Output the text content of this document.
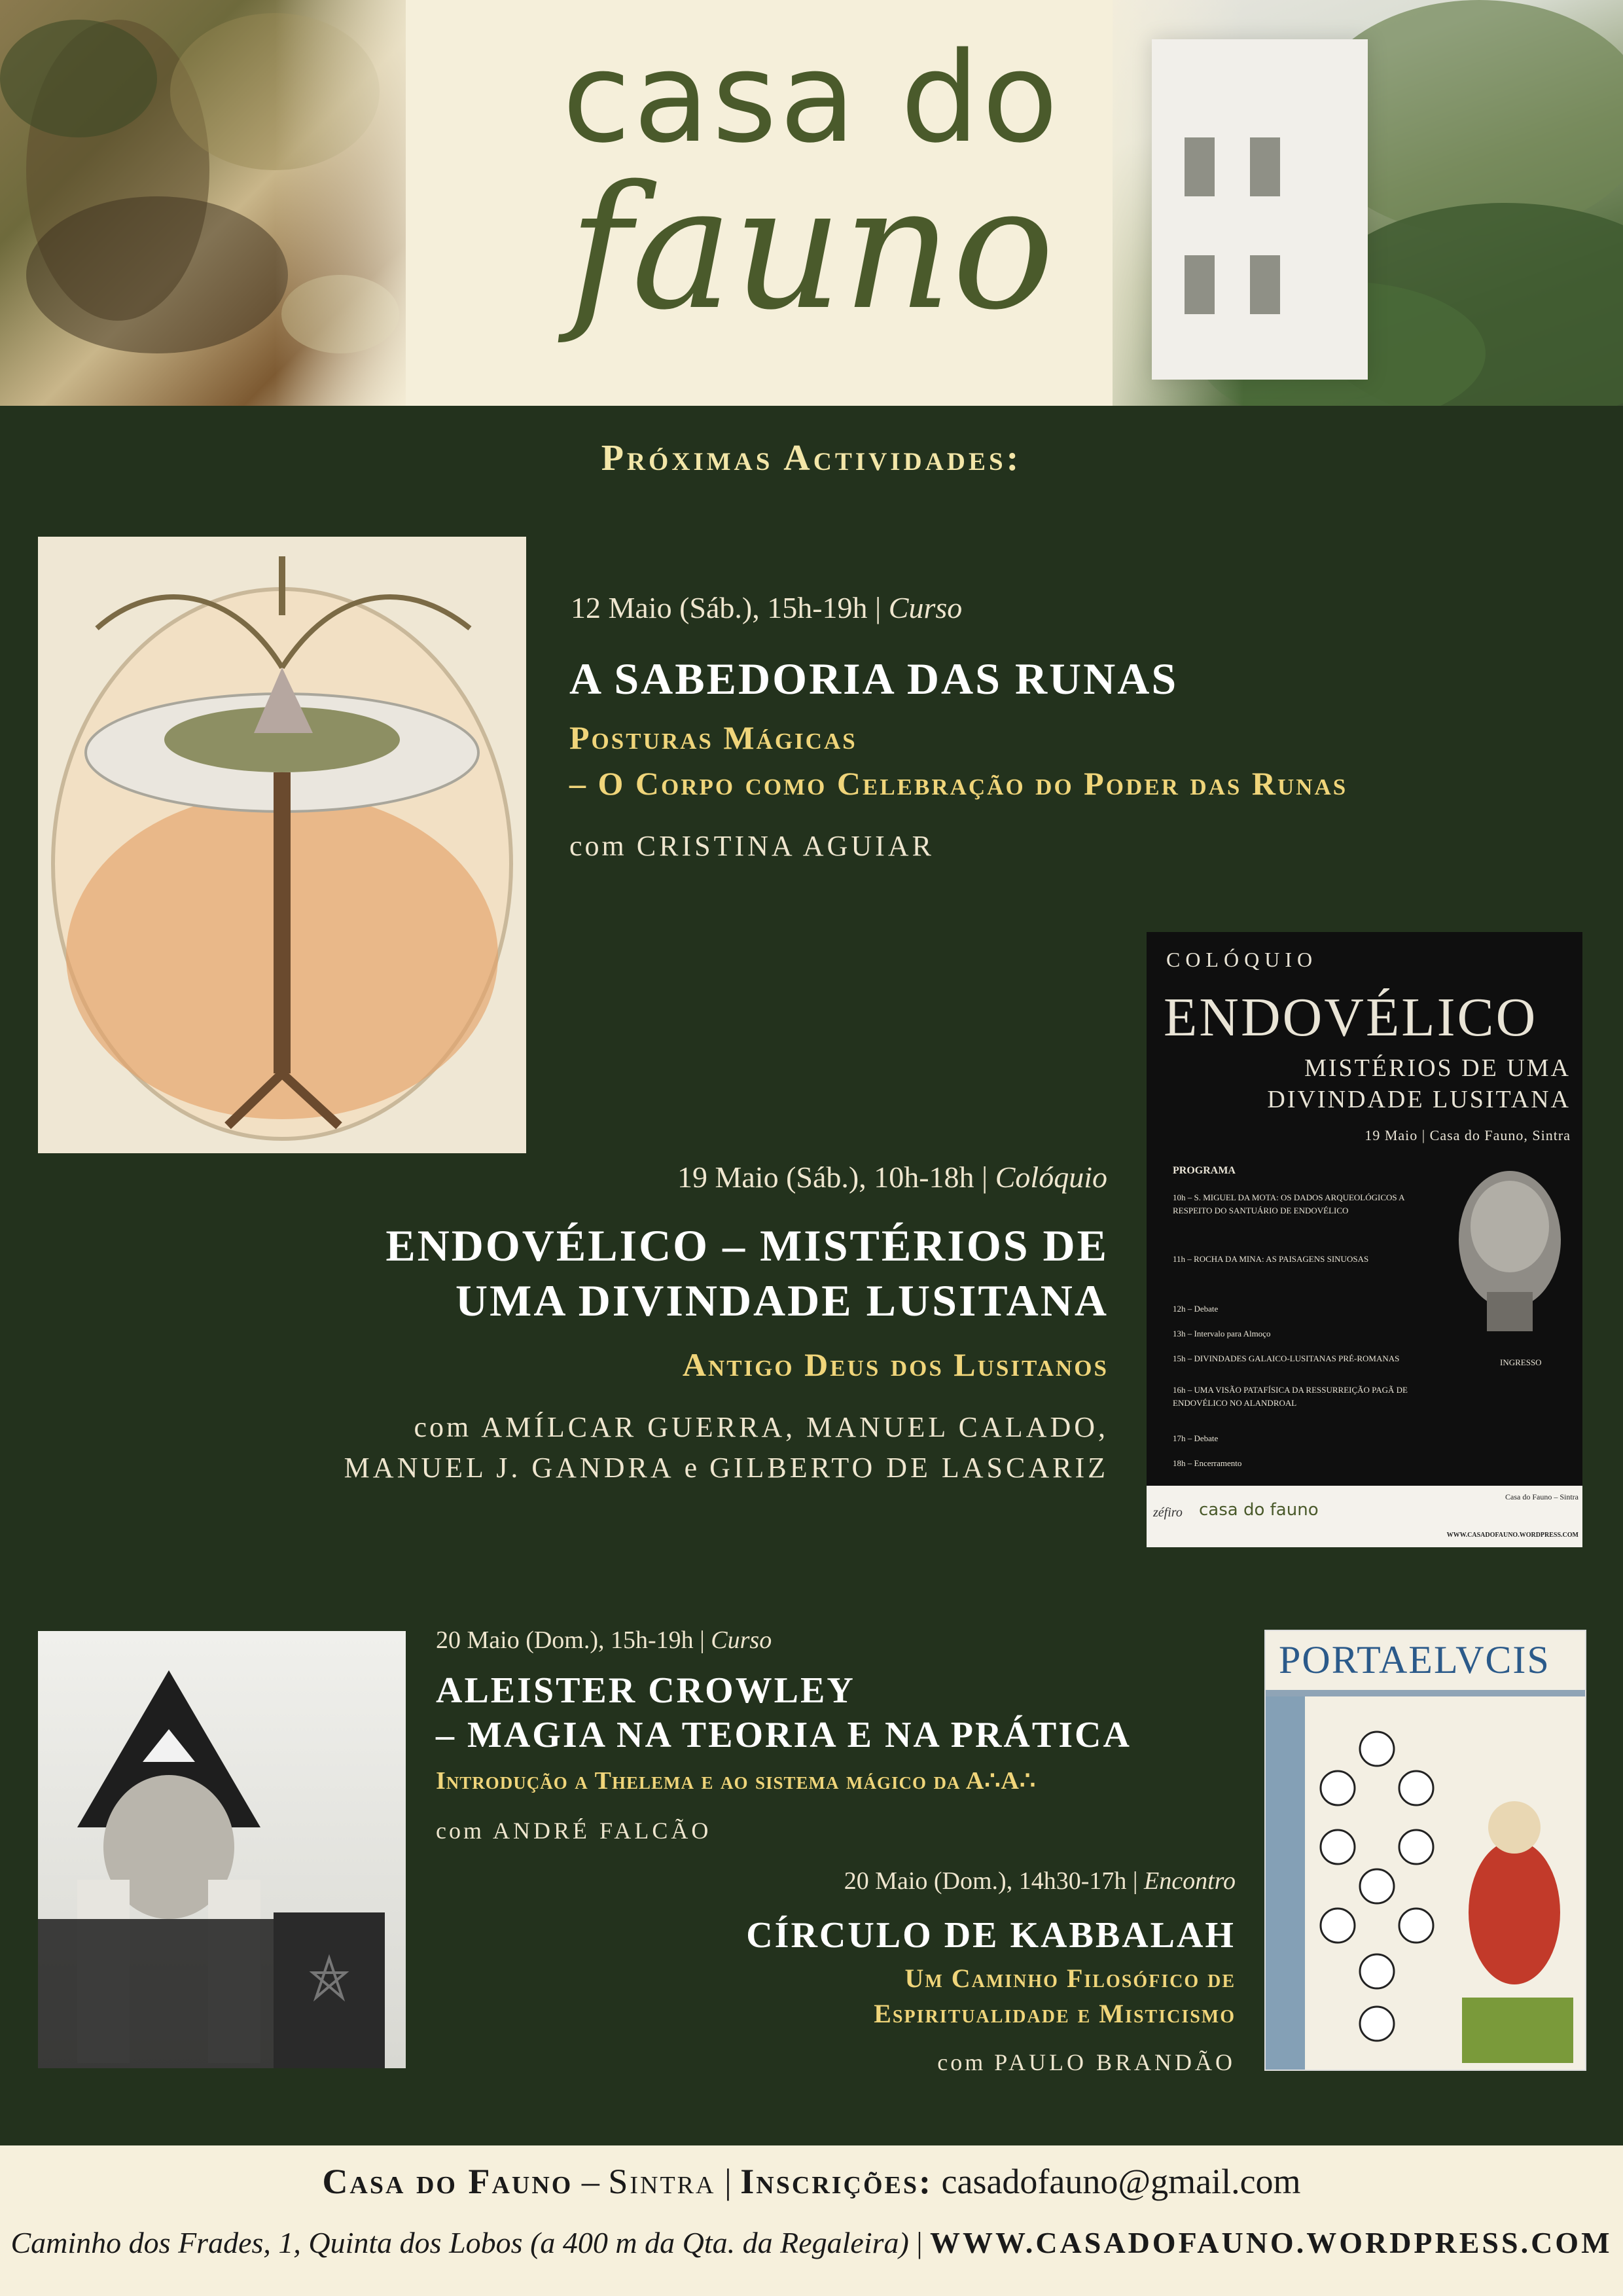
casa do
fauno
Próximas Actividades:
12 Maio (Sáb.), 15h-19h | Curso
A SABEDORIA DAS RUNAS
Posturas Mágicas
– O Corpo como Celebração do Poder das Runas
com CRISTINA AGUIAR
COLÓQUIO
ENDOVÉLICO
MISTÉRIOS DE UMA
DIVINDADE LUSITANA
19 Maio | Casa do Fauno, Sintra
PROGRAMA
10h – S. MIGUEL DA MOTA: OS DADOS ARQUEOLÓGICOS A RESPEITO DO SANTUÁRIO DE ENDOVÉLICO
11h – ROCHA DA MINA: AS PAISAGENS SINUOSAS
12h – Debate
13h – Intervalo para Almoço
15h – DIVINDADES GALAICO-LUSITANAS PRÉ-ROMANAS
16h – UMA VISÃO PATAFÍSICA DA RESSURREIÇÃO PAGÃ DE ENDOVÉLICO NO ALANDROAL
17h – Debate
18h – Encerramento
INGRESSO
zéfiro casa do fauno
Casa do Fauno – Sintra
WWW.CASADOFAUNO.WORDPRESS.COM
19 Maio (Sáb.), 10h-18h | Colóquio
ENDOVÉLICO – MISTÉRIOS DE
UMA DIVINDADE LUSITANA
Antigo Deus dos Lusitanos
com AMÍLCAR GUERRA, MANUEL CALADO,
MANUEL J. GANDRA e GILBERTO DE LASCARIZ
20 Maio (Dom.), 15h-19h | Curso
ALEISTER CROWLEY
– MAGIA NA TEORIA E NA PRÁTICA
Introdução a Thelema e ao sistema mágico da A∴A∴
com ANDRÉ FALCÃO
20 Maio (Dom.), 14h30-17h | Encontro
CÍRCULO DE KABBALAH
Um Caminho Filosófico de
Espiritualidade e Misticismo
com PAULO BRANDÃO
PORTAELVCIS
Casa do Fauno – Sintra | Inscrições: casadofauno@gmail.com
Caminho dos Frades, 1, Quinta dos Lobos (a 400 m da Qta. da Regaleira) | WWW.CASADOFAUNO.WORDPRESS.COM
